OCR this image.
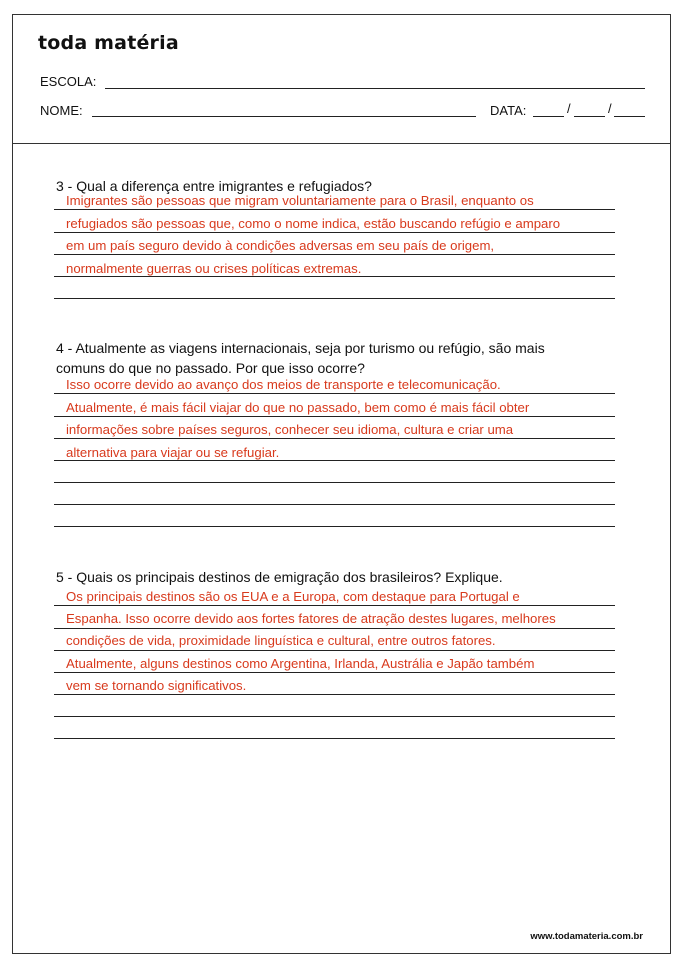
toda matéria
ESCOLA:
NOME:	DATA:	/	/
3 - Qual a diferença entre imigrantes e refugiados?
Imigrantes são pessoas que migram voluntariamente para o Brasil, enquanto os
refugiados são pessoas que, como o nome indica, estão buscando refúgio e amparo
em um país seguro devido à condições adversas em seu país de origem,
normalmente guerras ou crises políticas extremas.
4 - Atualmente as viagens internacionais, seja por turismo ou refúgio, são mais
comuns do que no passado. Por que isso ocorre?
Isso ocorre devido ao avanço dos meios de transporte e telecomunicação.
Atualmente, é mais fácil viajar do que no passado, bem como é mais fácil obter
informações sobre países seguros, conhecer seu idioma, cultura e criar uma
alternativa para viajar ou se refugiar.
5 - Quais os principais destinos de emigração dos brasileiros? Explique.
Os principais destinos são os EUA e a Europa, com destaque para Portugal e
Espanha. Isso ocorre devido aos fortes fatores de atração destes lugares, melhores
condições de vida, proximidade linguística e cultural, entre outros fatores.
Atualmente, alguns destinos como Argentina, Irlanda, Austrália e Japão também
vem se tornando significativos.
www.todamateria.com.br
